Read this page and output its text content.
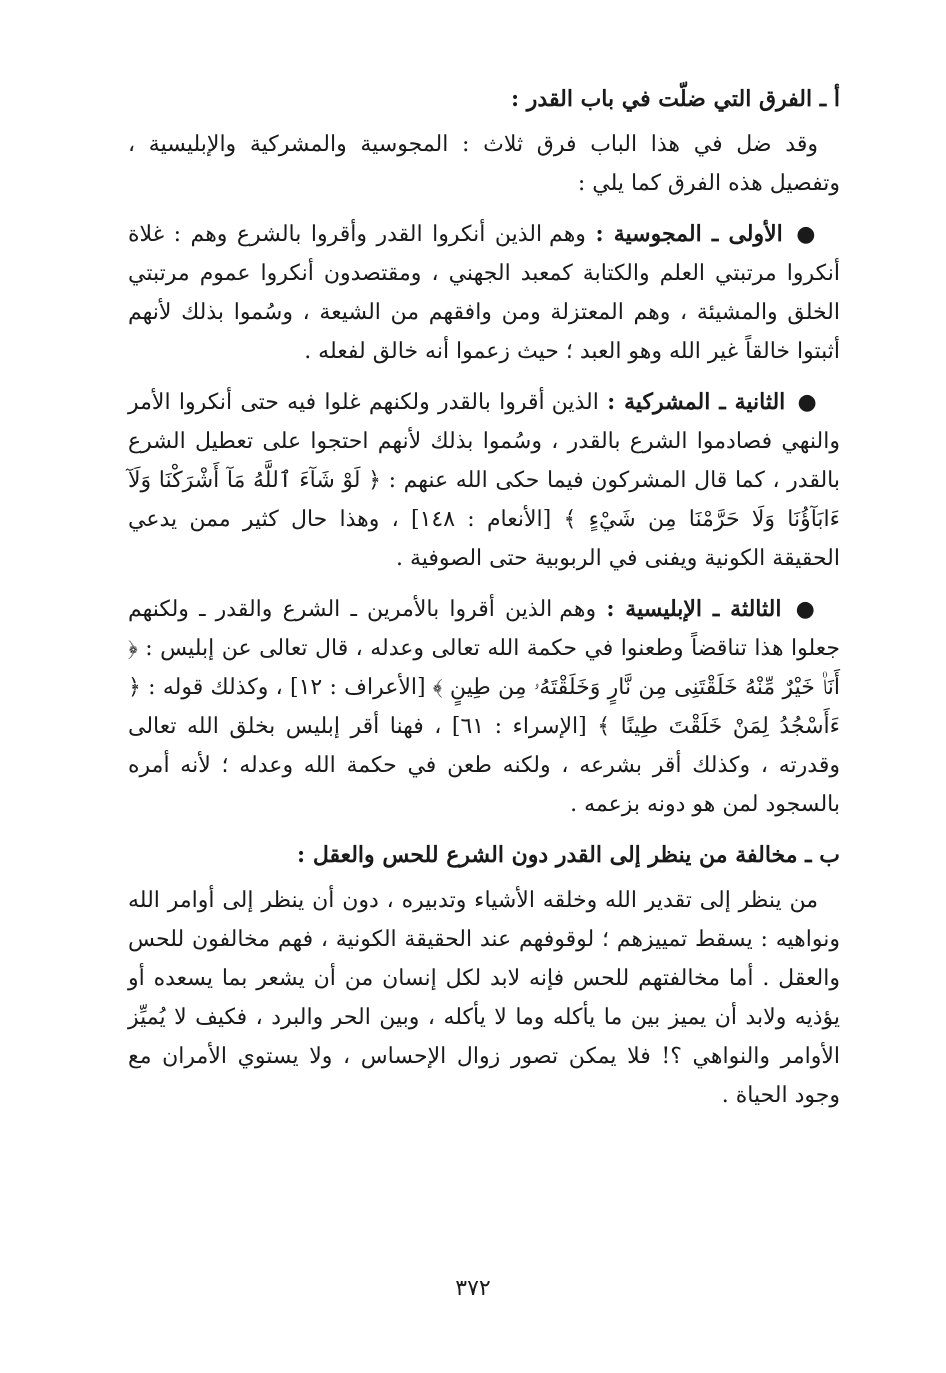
أ ـ الفرق التي ضلّت في باب القدر :

وقد ضل في هذا الباب فرق ثلاث : المجوسية والمشركية والإبليسية ، وتفصيل هذه الفرق كما يلي :

● الأولى ـ المجوسية : وهم الذين أنكروا القدر وأقروا بالشرع وهم : غلاة أنكروا مرتبتي العلم والكتابة كمعبد الجهني ، ومقتصدون أنكروا عموم مرتبتي الخلق والمشيئة ، وهم المعتزلة ومن وافقهم من الشيعة ، وسُموا بذلك لأنهم أثبتوا خالقاً غير الله وهو العبد ؛ حيث زعموا أنه خالق لفعله .

● الثانية ـ المشركية : الذين أقروا بالقدر ولكنهم غلوا فيه حتى أنكروا الأمر والنهي فصادموا الشرع بالقدر ، وسُموا بذلك لأنهم احتجوا على تعطيل الشرع بالقدر ، كما قال المشركون فيما حكى الله عنهم : ﴿ لَوْ شَآءَ ٱللَّهُ مَآ أَشْرَكْنَا وَلَآ ءَابَآؤُنَا وَلَا حَرَّمْنَا مِن شَيْءٍ ﴾ [الأنعام : ١٤٨] ، وهذا حال كثير ممن يدعي الحقيقة الكونية ويفنى في الربوبية حتى الصوفية .

● الثالثة ـ الإبليسية : وهم الذين أقروا بالأمرين ـ الشرع والقدر ـ ولكنهم جعلوا هذا تناقضاً وطعنوا في حكمة الله تعالى وعدله ، قال تعالى عن إبليس : ﴿ أَنَا۠ خَيْرٌ مِّنْهُ خَلَقْتَنِى مِن نَّارٍ وَخَلَقْتَهُۥ مِن طِينٍ ﴾ [الأعراف : ١٢] ، وكذلك قوله : ﴿ ءَأَسْجُدُ لِمَنْ خَلَقْتَ طِينًا ﴾ [الإسراء : ٦١] ، فهنا أقر إبليس بخلق الله تعالى وقدرته ، وكذلك أقر بشرعه ، ولكنه طعن في حكمة الله وعدله ؛ لأنه أمره بالسجود لمن هو دونه بزعمه .

ب ـ مخالفة من ينظر إلى القدر دون الشرع للحس والعقل :

من ينظر إلى تقدير الله وخلقه الأشياء وتدبيره ، دون أن ينظر إلى أوامر الله ونواهيه : يسقط تمييزهم ؛ لوقوفهم عند الحقيقة الكونية ، فهم مخالفون للحس والعقل . أما مخالفتهم للحس فإنه لابد لكل إنسان من أن يشعر بما يسعده أو يؤذيه ولابد أن يميز بين ما يأكله وما لا يأكله ، وبين الحر والبرد ، فكيف لا يُميِّز الأوامر والنواهي ؟! فلا يمكن تصور زوال الإحساس ، ولا يستوي الأمران مع وجود الحياة .

٣٧٢
